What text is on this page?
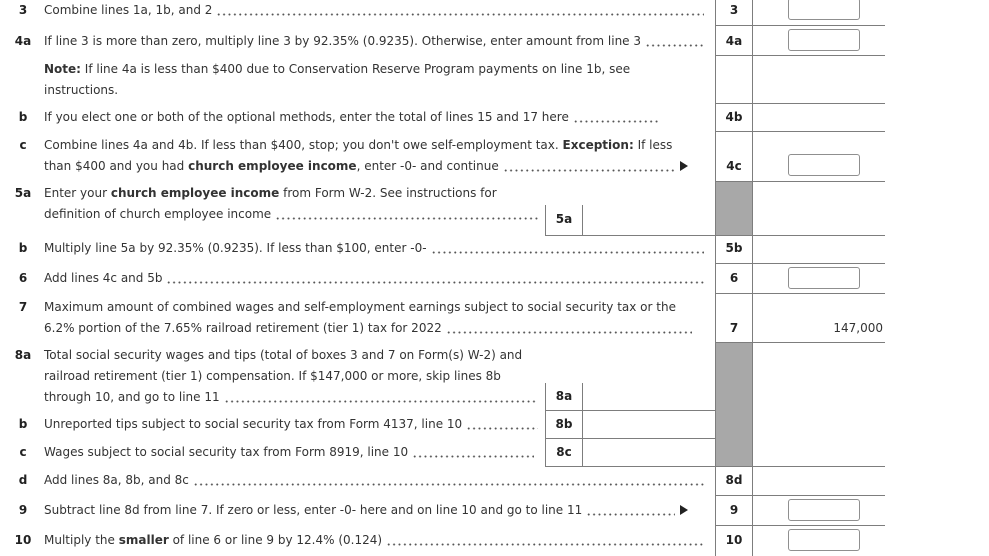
3	Combine lines 1a, 1b, and 2	3
4a	If line 3 is more than zero, multiply line 3 by 92.35% (0.9235). Otherwise, enter amount from line 3	4a
Note: If line 4a is less than $400 due to Conservation Reserve Program payments on line 1b, see
instructions.
b	If you elect one or both of the optional methods, enter the total of lines 15 and 17 here	4b
c	Combine lines 4a and 4b. If less than $400, stop; you don't owe self-employment tax. Exception: If less
than $400 and you had church employee income , enter -0- and continue	4c
5a	Enter your church employee income from Form W-2. See instructions for
definition of church employee income	5a
b	Multiply line 5a by 92.35% (0.9235). If less than $100, enter -0-	5b
6	Add lines 4c and 5b	6
7	Maximum amount of combined wages and self-employment earnings subject to social security tax or the
6.2% portion of the 7.65% railroad retirement (tier 1) tax for 2022	7	147,000
8a	Total social security wages and tips (total of boxes 3 and 7 on Form(s) W-2) and
railroad retirement (tier 1) compensation. If $147,000 or more, skip lines 8b
through 10, and go to line 11	8a
b	Unreported tips subject to social security tax from Form 4137, line 10	8b
c	Wages subject to social security tax from Form 8919, line 10	8c
d	Add lines 8a, 8b, and 8c	8d
9	Subtract line 8d from line 7. If zero or less, enter -0- here and on line 10 and go to line 11	9
10	Multiply the smaller of line 6 or line 9 by 12.4% (0.124)	10
